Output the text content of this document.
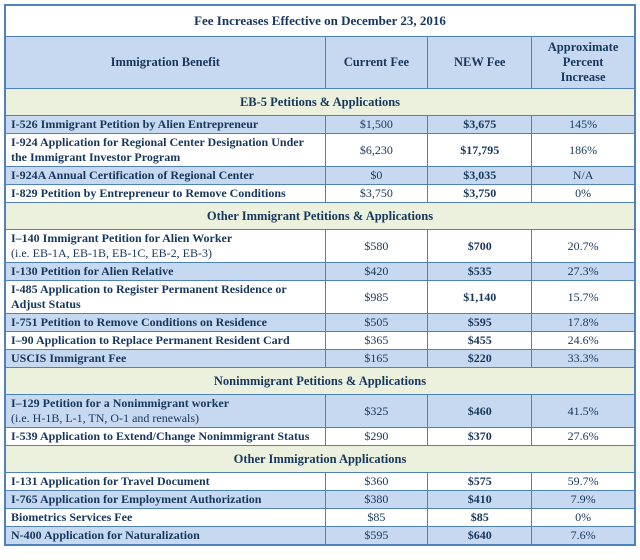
Fee Increases Effective on December 23, 2016			
Immigration Benefit	Current Fee	NEW Fee	Approximate Percent Increase
EB-5 Petitions & Applications			
I-526 Immigrant Petition by Alien Entrepreneur	$1,500	$3,675	145%
I-924 Application for Regional Center Designation Under the Immigrant Investor Program	$6,230	$17,795	186%
I-924A Annual Certification of Regional Center	$0	$3,035	N/A
I-829 Petition by Entrepreneur to Remove Conditions	$3,750	$3,750	0%
Other Immigrant Petitions & Applications			
I–140 Immigrant Petition for Alien Worker
(i.e. EB-1A, EB-1B, EB-1C, EB-2, EB-3)	$580	$700	20.7%
I-130 Petition for Alien Relative	$420	$535	27.3%
I-485 Application to Register Permanent Residence or Adjust Status	$985	$1,140	15.7%
I-751 Petition to Remove Conditions on Residence	$505	$595	17.8%
I–90 Application to Replace Permanent Resident Card	$365	$455	24.6%
USCIS Immigrant Fee	$165	$220	33.3%
Nonimmigrant Petitions & Applications			
I–129 Petition for a Nonimmigrant worker
(i.e. H-1B, L-1, TN, O-1 and renewals)	$325	$460	41.5%
I-539 Application to Extend/Change Nonimmigrant Status	$290	$370	27.6%
Other Immigration Applications			
I-131 Application for Travel Document	$360	$575	59.7%
I-765 Application for Employment Authorization	$380	$410	7.9%
Biometrics Services Fee	$85	$85	0%
N-400 Application for Naturalization	$595	$640	7.6%
